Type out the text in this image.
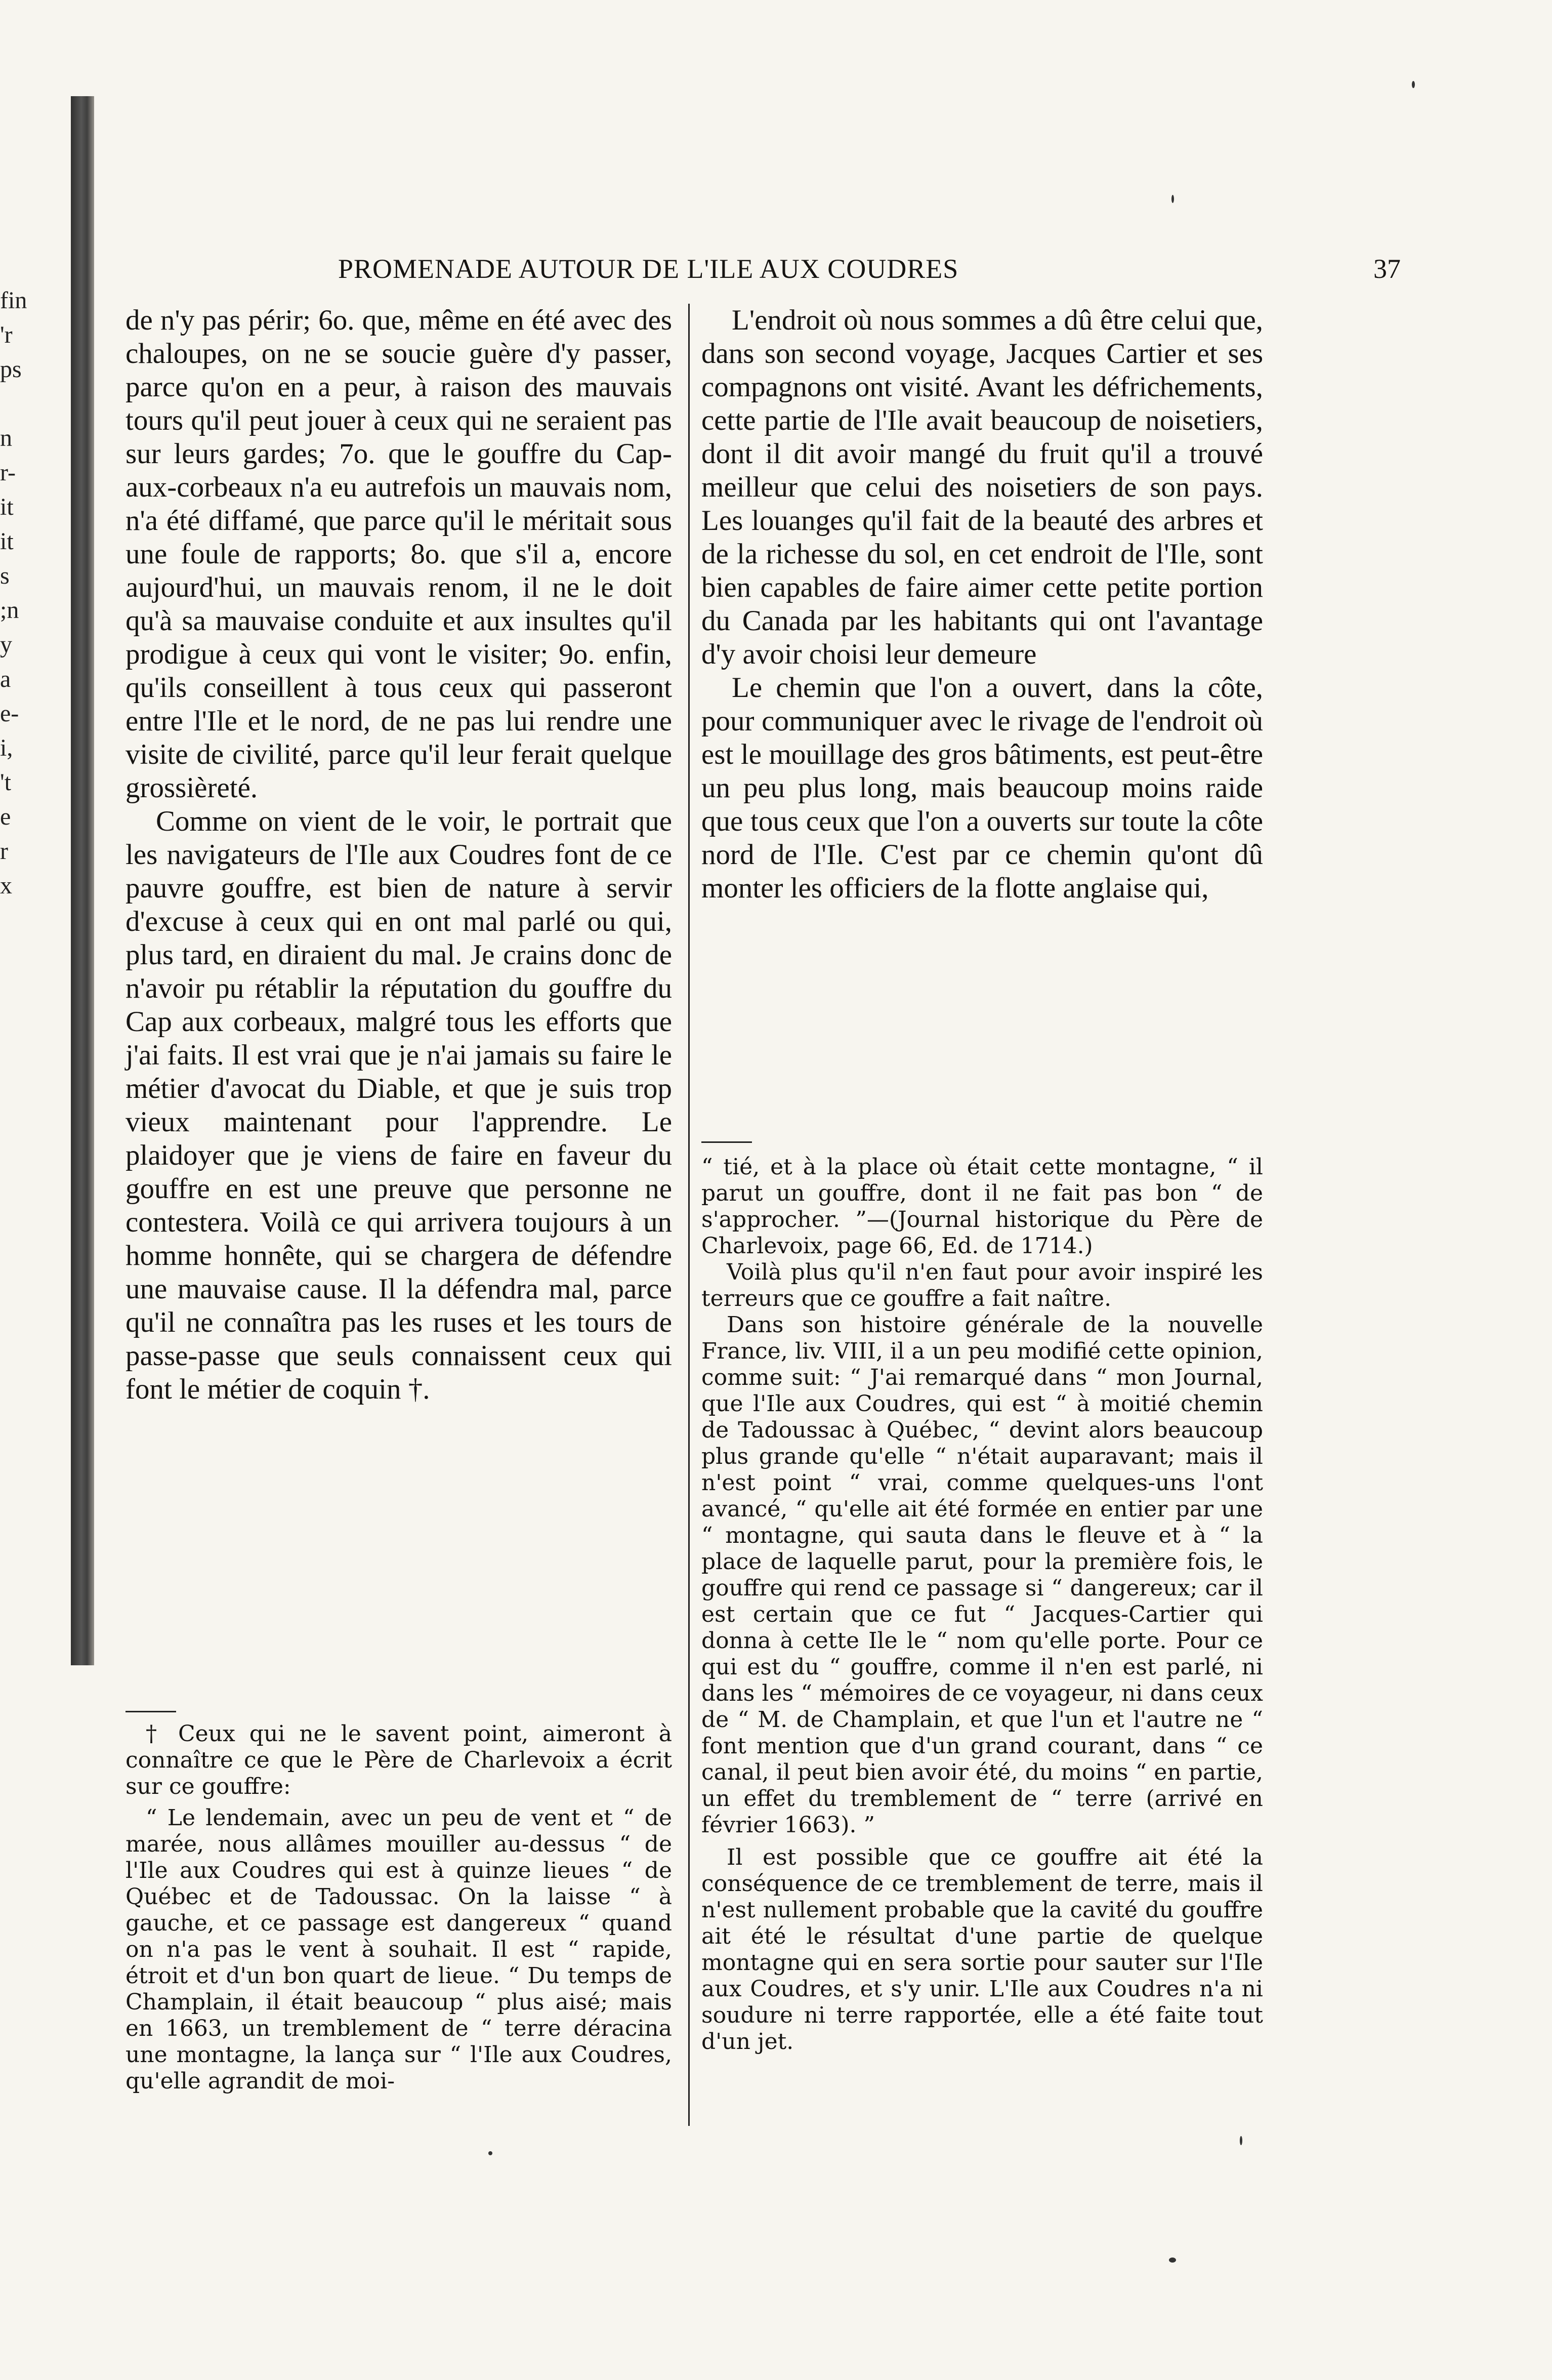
fin
'r
ps

n
r-
it
it
s
;n
y
a
e-
i,
't
e
r
x
PROMENADE AUTOUR DE L'ILE AUX COUDRES	37

de n'y pas périr; 6o. que, même en été avec des chaloupes, on ne se soucie guère d'y passer, parce qu'on en a peur, à raison des mauvais tours qu'il peut jouer à ceux qui ne seraient pas sur leurs gardes; 7o. que le gouffre du Cap-aux-corbeaux n'a eu autrefois un mauvais nom, n'a été diffamé, que parce qu'il le méritait sous une foule de rapports; 8o. que s'il a, encore aujourd'hui, un mauvais renom, il ne le doit qu'à sa mauvaise conduite et aux insultes qu'il prodigue à ceux qui vont le visiter; 9o. enfin, qu'ils conseillent à tous ceux qui passeront entre l'Ile et le nord, de ne pas lui rendre une visite de civilité, parce qu'il leur ferait quelque grossièreté.

Comme on vient de le voir, le portrait que les navigateurs de l'Ile aux Coudres font de ce pauvre gouffre, est bien de nature à servir d'excuse à ceux qui en ont mal parlé ou qui, plus tard, en diraient du mal. Je crains donc de n'avoir pu rétablir la réputation du gouffre du Cap aux corbeaux, malgré tous les efforts que j'ai faits. Il est vrai que je n'ai jamais su faire le métier d'avocat du Diable, et que je suis trop vieux maintenant pour l'apprendre. Le plaidoyer que je viens de faire en faveur du gouffre en est une preuve que personne ne contestera. Voilà ce qui arrivera toujours à un homme honnête, qui se chargera de défendre une mauvaise cause. Il la défendra mal, parce qu'il ne connaîtra pas les ruses et les tours de passe-passe que seuls connaissent ceux qui font le métier de coquin †.

L'endroit où nous sommes a dû être celui que, dans son second voyage, Jacques Cartier et ses compagnons ont visité. Avant les défrichements, cette partie de l'Ile avait beaucoup de noisetiers, dont il dit avoir mangé du fruit qu'il a trouvé meilleur que celui des noisetiers de son pays. Les louanges qu'il fait de la beauté des arbres et de la richesse du sol, en cet endroit de l'Ile, sont bien capables de faire aimer cette petite portion du Canada par les habitants qui ont l'avantage d'y avoir choisi leur demeure

Le chemin que l'on a ouvert, dans la côte, pour communiquer avec le rivage de l'endroit où est le mouillage des gros bâtiments, est peut-être un peu plus long, mais beaucoup moins raide que tous ceux que l'on a ouverts sur toute la côte nord de l'Ile. C'est par ce chemin qu'ont dû monter les officiers de la flotte anglaise qui,

“ tié, et à la place où était cette montagne, “ il parut un gouffre, dont il ne fait pas bon “ de s'approcher. ”—(Journal historique du Père de Charlevoix, page 66, Ed. de 1714.)

Voilà plus qu'il n'en faut pour avoir inspiré les terreurs que ce gouffre a fait naître.

Dans son histoire générale de la nouvelle France, liv. VIII, il a un peu modifié cette opinion, comme suit: “ J'ai remarqué dans “ mon Journal, que l'Ile aux Coudres, qui est “ à moitié chemin de Tadoussac à Québec, “ devint alors beaucoup plus grande qu'elle “ n'était auparavant; mais il n'est point “ vrai, comme quelques-uns l'ont avancé, “ qu'elle ait été formée en entier par une “ montagne, qui sauta dans le fleuve et à “ la place de laquelle parut, pour la première fois, le gouffre qui rend ce passage si “ dangereux; car il est certain que ce fut “ Jacques-Cartier qui donna à cette Ile le “ nom qu'elle porte. Pour ce qui est du “ gouffre, comme il n'en est parlé, ni dans les “ mémoires de ce voyageur, ni dans ceux de “ M. de Champlain, et que l'un et l'autre ne “ font mention que d'un grand courant, dans “ ce canal, il peut bien avoir été, du moins “ en partie, un effet du tremblement de “ terre (arrivé en février 1663). ”

Il est possible que ce gouffre ait été la conséquence de ce tremblement de terre, mais il n'est nullement probable que la cavité du gouffre ait été le résultat d'une partie de quelque montagne qui en sera sortie pour sauter sur l'Ile aux Coudres, et s'y unir. L'Ile aux Coudres n'a ni soudure ni terre rapportée, elle a été faite tout d'un jet.

† Ceux qui ne le savent point, aimeront à connaître ce que le Père de Charlevoix a écrit sur ce gouffre:

“ Le lendemain, avec un peu de vent et “ de marée, nous allâmes mouiller au-dessus “ de l'Ile aux Coudres qui est à quinze lieues “ de Québec et de Tadoussac. On la laisse “ à gauche, et ce passage est dangereux “ quand on n'a pas le vent à souhait. Il est “ rapide, étroit et d'un bon quart de lieue. “ Du temps de Champlain, il était beaucoup “ plus aisé; mais en 1663, un tremblement de “ terre déracina une montagne, la lança sur “ l'Ile aux Coudres, qu'elle agrandit de moi-
